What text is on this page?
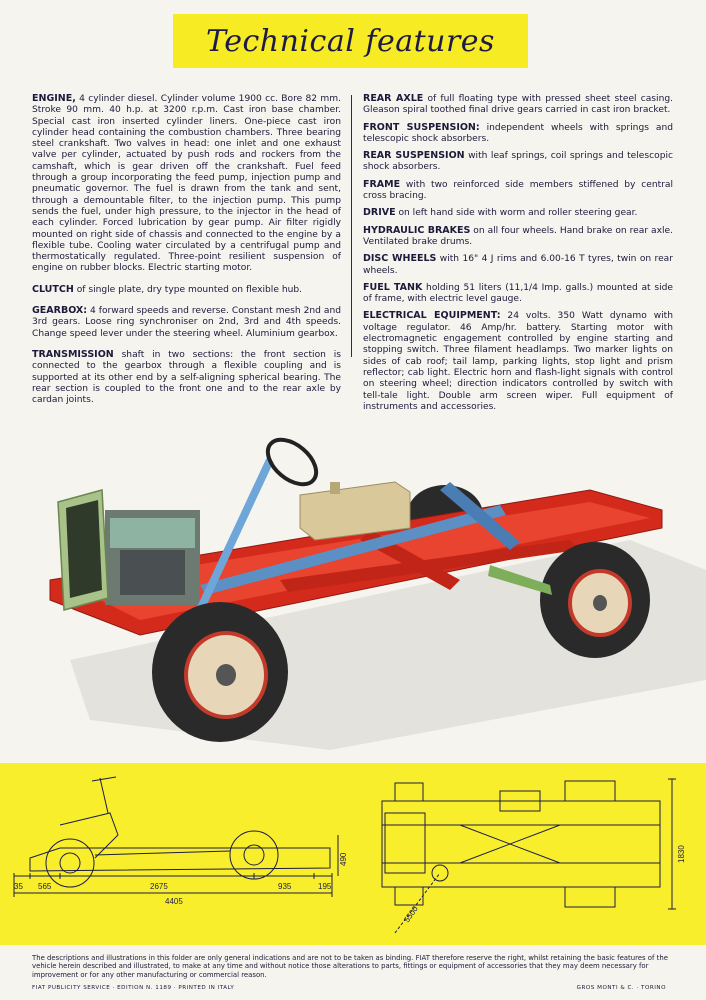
Technical features

ENGINE, 4 cylinder diesel. Cylinder volume 1900 cc. Bore 82 mm. Stroke 90 mm. 40 h.p. at 3200 r.p.m. Cast iron base chamber. Special cast iron inserted cylinder liners. One-piece cast iron cylinder head containing the combustion chambers. Three bearing steel crankshaft. Two valves in head: one inlet and one exhaust valve per cylinder, actuated by push rods and rockers from the camshaft, which is gear driven off the crankshaft. Fuel feed through a group incorporating the feed pump, injection pump and pneumatic governor. The fuel is drawn from the tank and sent, through a demountable filter, to the injection pump. This pump sends the fuel, under high pressure, to the injector in the head of each cylinder. Forced lubrication by gear pump. Air filter rigidly mounted on right side of chassis and connected to the engine by a flexible tube. Cooling water circulated by a centrifugal pump and thermostatically regulated. Three-point resilient suspension of engine on rubber blocks. Electric starting motor.

CLUTCH of single plate, dry type mounted on flexible hub.

GEARBOX: 4 forward speeds and reverse. Constant mesh 2nd and 3rd gears. Loose ring synchroniser on 2nd, 3rd and 4th speeds. Change speed lever under the steering wheel. Aluminium gearbox.

TRANSMISSION shaft in two sections: the front section is connected to the gearbox through a flexible coupling and is supported at its other end by a self-aligning spherical bearing. The rear section is coupled to the front one and to the rear axle by cardan joints.

REAR AXLE of full floating type with pressed sheet steel casing. Gleason spiral toothed final drive gears carried in cast iron bracket.

FRONT SUSPENSION: independent wheels with springs and telescopic shock absorbers.

REAR SUSPENSION with leaf springs, coil springs and telescopic shock absorbers.

FRAME with two reinforced side members stiffened by central cross bracing.

DRIVE on left hand side with worm and roller steering gear.

HYDRAULIC BRAKES on all four wheels. Hand brake on rear axle. Ventilated brake drums.

DISC WHEELS with 16" 4 J rims and 6.00-16 T tyres, twin on rear wheels.

FUEL TANK holding 51 liters (11,1/4 Imp. galls.) mounted at side of frame, with electric level gauge.

ELECTRICAL EQUIPMENT: 24 volts. 350 Watt dynamo with voltage regulator. 46 Amp/hr. battery. Starting motor with electromagnetic engagement controlled by engine starting and stopping switch. Three filament headlamps. Two marker lights on sides of cab roof; tail lamp, parking lights, stop light and prism reflector; cab light. Electric horn and flash-light signals with control on steering wheel; direction indicators controlled by switch with tell-tale light. Double arm screen wiper. Full equipment of instruments and accessories.

35 565	2675	935	195
4405
490	1830
5500

The descriptions and illustrations in this folder are only general indications and are not to be taken as binding. FIAT therefore reserve the right, whilst retaining the basic features of the vehicle herein described and illustrated, to make at any time and without notice those alterations to parts, fittings or equipment of accessories that they may deem necessary for improvement or for any other manufacturing or commercial reason.

FIAT PUBLICITY SERVICE · EDITION N. 1189 · PRINTED IN ITALY	GROS MONTI & C. · TORINO
